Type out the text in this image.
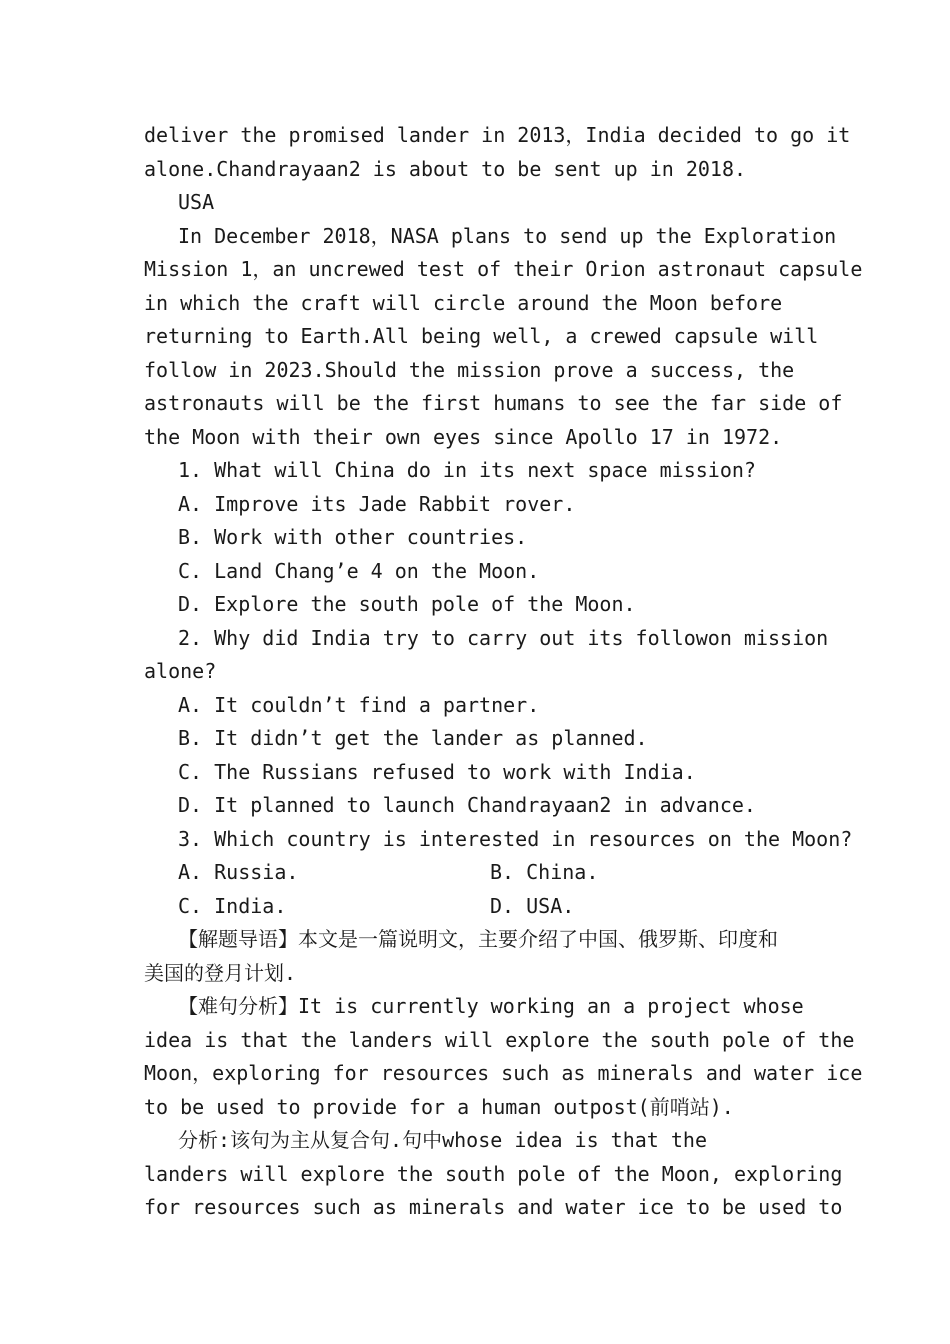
deliver the promised lander in 2013，India decided to go it
alone.Chandrayaan2 is about to be sent up in 2018.
USA
In December 2018，NASA plans to send up the Exploration
Mission 1，an uncrewed test of their Orion astronaut capsule
in which the craft will circle around the Moon before
returning to Earth.All being well, a crewed capsule will
follow in 2023.Should the mission prove a success, the
astronauts will be the first humans to see the far side of
the Moon with their own eyes since Apollo 17 in 1972.
1. What will China do in its next space mission?
A. Improve its Jade Rabbit rover.
B. Work with other countries.
C. Land Chang’e 4 on the Moon.
D. Explore the south pole of the Moon.
2. Why did India try to carry out its followon mission
alone?
A. It couldn’t find a partner.
B. It didn’t get the lander as planned.
C. The Russians refused to work with India.
D. It planned to launch Chandrayaan2 in advance.
3. Which country is interested in resources on the Moon?
A. Russia.	B. China.
C. India.	D. USA.
【解题导语】本文是一篇说明文，主要介绍了中国、俄罗斯、印度和
美国的登月计划.
【难句分析】It is currently working an a project whose
idea is that the landers will explore the south pole of the
Moon，exploring for resources such as minerals and water ice
to be used to provide for a human outpost(前哨站).
分析:该句为主从复合句.句中whose idea is that the
landers will explore the south pole of the Moon, exploring
for resources such as minerals and water ice to be used to
